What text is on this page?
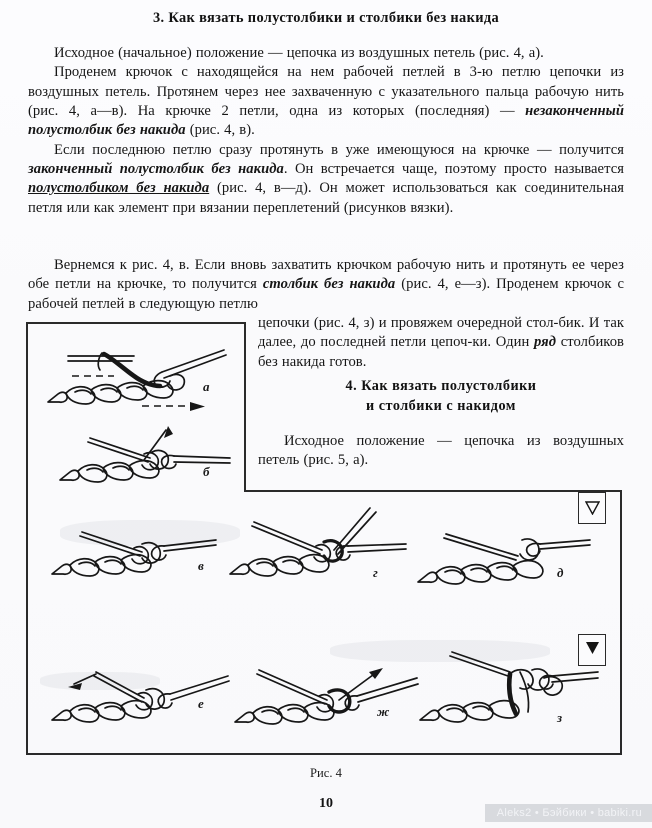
3. Как вязать полустолбики и столбики без накида

Исходное (начальное) положение — цепочка из воздушных петель (рис. 4, а).

Проденем крючок с находящейся на нем рабочей петлей в 3-ю петлю цепочки из воздушных петель. Протянем через нее захваченную с указательного пальца рабочую нить (рис. 4, а—в). На крючке 2 петли, одна из которых (последняя) — незаконченный полустолбик без накида (рис. 4, в).

Если последнюю петлю сразу протянуть в уже имеющуюся на крючке — получится законченный полустолбик без накида. Он встречается чаще, поэтому просто называется полустолбиком без накида (рис. 4, в—д). Он может использоваться как соединительная петля или как элемент при вязании переплетений (рисунков вязки).

Вернемся к рис. 4, в. Если вновь захватить крючком рабочую нить и протянуть ее через обе петли на крючке, то получится столбик без накида (рис. 4, е—з). Проденем крючок с рабочей петлей в следующую петлю

цепочки (рис. 4, з) и провяжем очередной стол-бик. И так далее, до последней петли цепоч-ки. Один ряд столбиков без накида готов.

4. Как вязать полустолбики
и столбики с накидом

Исходное положение — цепочка из воздушных петель (рис. 5, а).

а
б
в	г	д
е
ж	з
Рис. 4
10
Aleks2 • Бэйбики • babiki.ru
